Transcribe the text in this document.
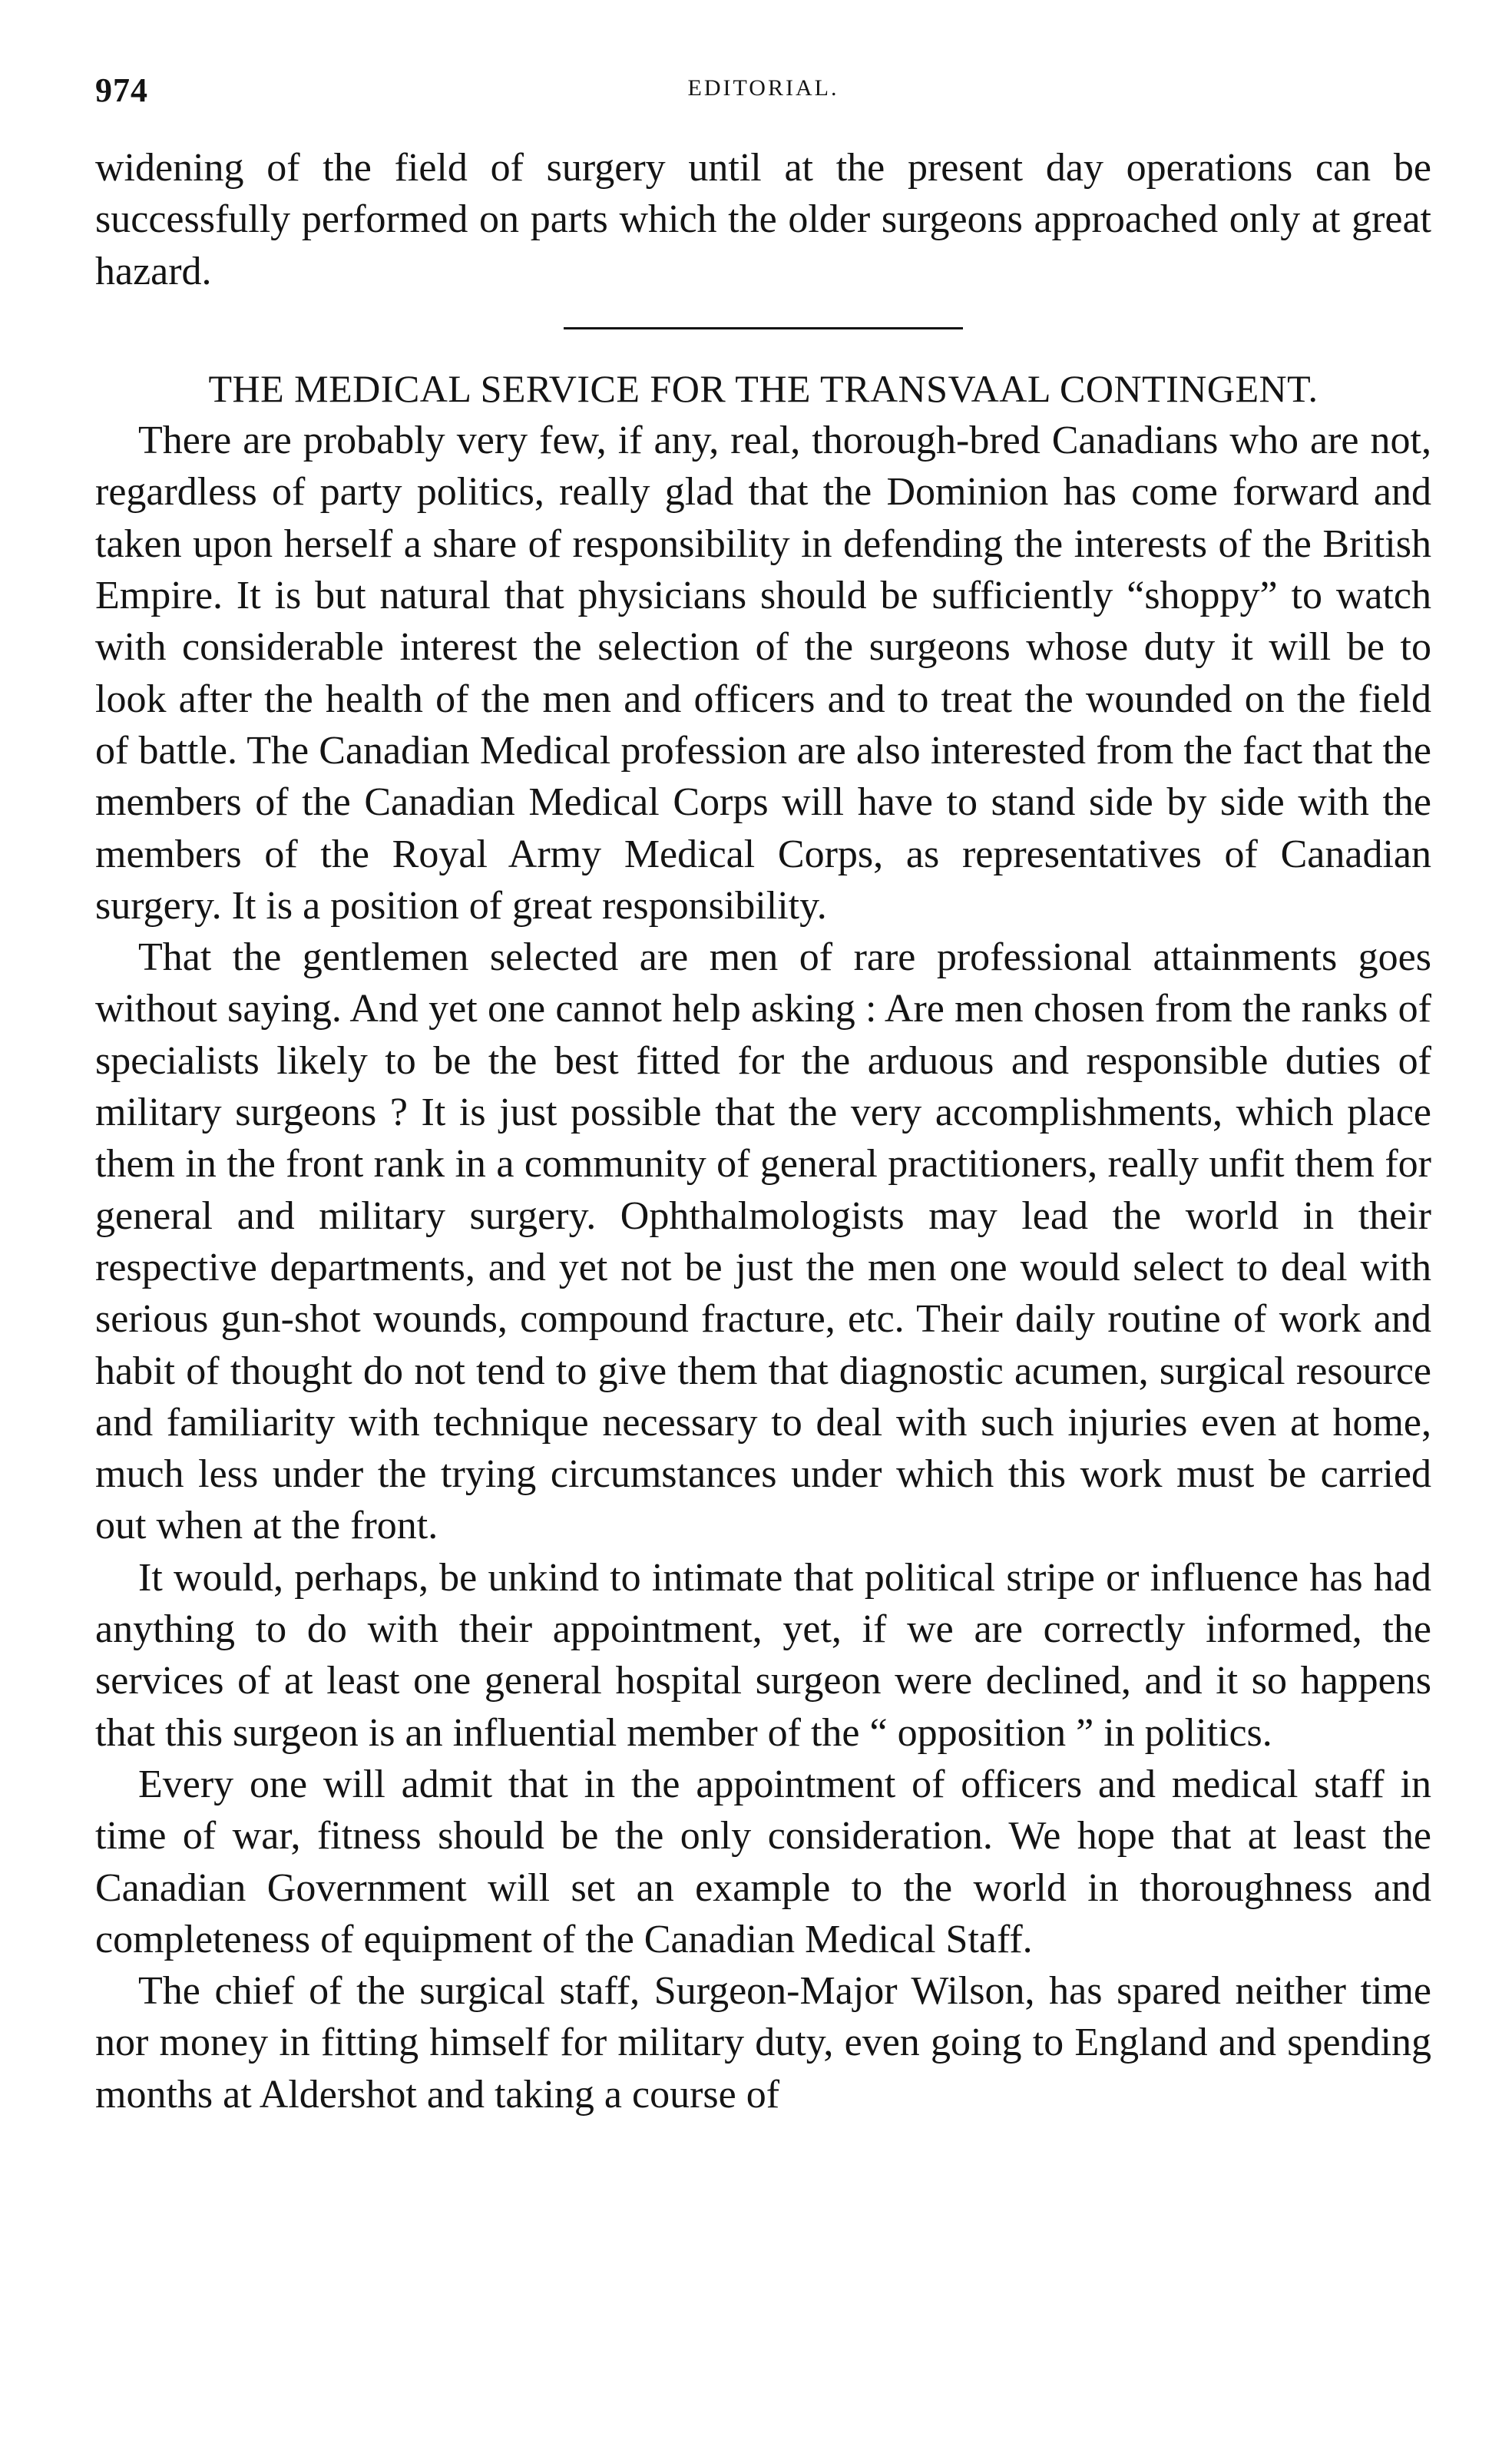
974	EDITORIAL.

widening of the field of surgery until at the present day operations can be successfully performed on parts which the older surgeons approached only at great hazard.

THE MEDICAL SERVICE FOR THE TRANSVAAL CONTINGENT.

There are probably very few, if any, real, thorough-bred Canadians who are not, regardless of party politics, really glad that the Dominion has come forward and taken upon herself a share of responsibility in defending the interests of the British Empire. It is but natural that physicians should be sufficiently “shoppy” to watch with considerable interest the selection of the surgeons whose duty it will be to look after the health of the men and officers and to treat the wounded on the field of battle. The Canadian Medical profession are also interested from the fact that the members of the Canadian Medical Corps will have to stand side by side with the members of the Royal Army Medical Corps, as representatives of Canadian surgery. It is a position of great responsibility.

That the gentlemen selected are men of rare professional attainments goes without saying. And yet one cannot help asking : Are men chosen from the ranks of specialists likely to be the best fitted for the arduous and responsible duties of military surgeons ? It is just possible that the very accomplishments, which place them in the front rank in a community of general practitioners, really unfit them for general and military surgery. Ophthalmologists may lead the world in their respective departments, and yet not be just the men one would select to deal with serious gun-shot wounds, compound fracture, etc. Their daily routine of work and habit of thought do not tend to give them that diagnostic acumen, surgical resource and familiarity with technique necessary to deal with such injuries even at home, much less under the trying circumstances under which this work must be carried out when at the front.

It would, perhaps, be unkind to intimate that political stripe or influence has had anything to do with their appointment, yet, if we are correctly informed, the services of at least one general hospital surgeon were declined, and it so happens that this surgeon is an influential member of the “ opposition ” in politics.

Every one will admit that in the appointment of officers and medical staff in time of war, fitness should be the only consideration. We hope that at least the Canadian Government will set an example to the world in thoroughness and completeness of equipment of the Canadian Medical Staff.

The chief of the surgical staff, Surgeon-Major Wilson, has spared neither time nor money in fitting himself for military duty, even going to England and spending months at Aldershot and taking a course of
